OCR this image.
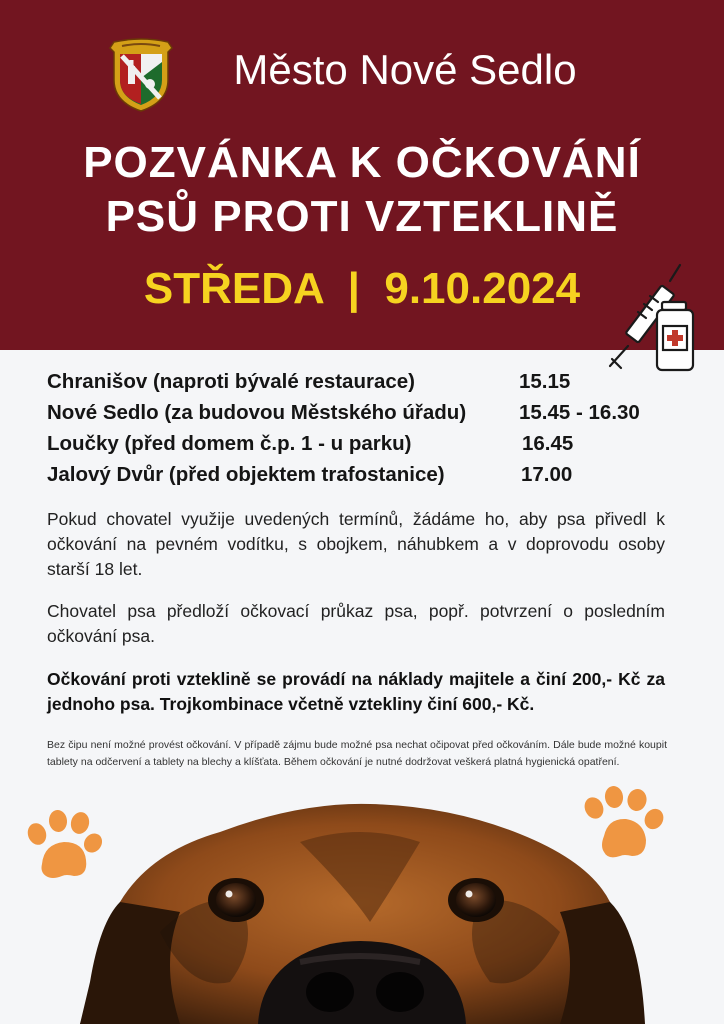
Město Nové Sedlo
POZVÁNKA K OČKOVÁNÍ
PSŮ PROTI VZTEKLINĚ
STŘEDA  |  9.10.2024
Chranišov (naproti bývalé restaurace)	15.15
Nové Sedlo (za budovou Městského úřadu)	15.45 - 16.30
Loučky (před domem č.p. 1 - u parku)	16.45
Jalový Dvůr (před objektem trafostanice)	17.00

Pokud chovatel využije uvedených termínů, žádáme ho, aby psa přivedl k očkování na pevném vodítku, s obojkem, náhubkem a v doprovodu osoby starší 18 let.

Chovatel psa předloží očkovací průkaz psa, popř. potvrzení o posledním očkování psa.

Očkování proti vzteklině se provádí na náklady majitele a činí 200,- Kč za jednoho psa. Trojkombinace včetně vztekliny činí 600,- Kč.

Bez čipu není možné provést očkování. V případě zájmu bude možné psa nechat očipovat před očkováním. Dále bude možné koupit tablety na odčervení a tablety na blechy a klíšťata. Během očkování je nutné dodržovat veškerá platná hygienická opatření.
